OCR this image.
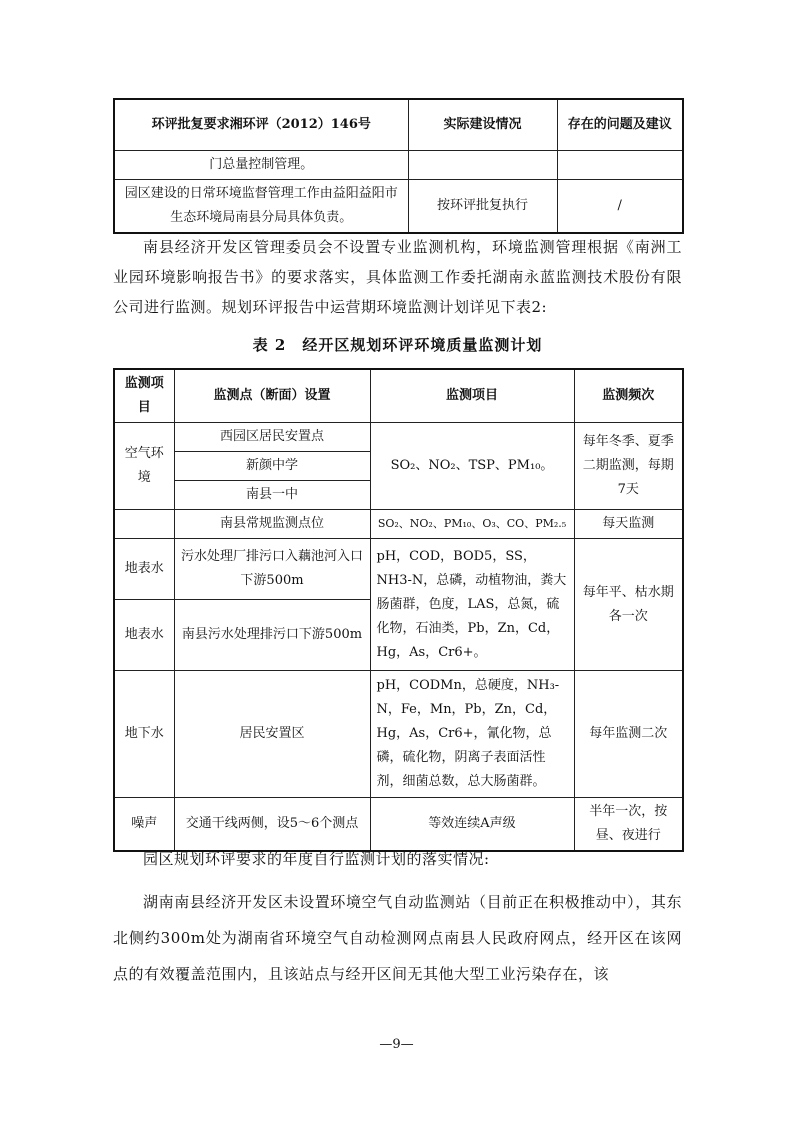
环评批复要求湘环评（2012）146号	实际建设情况	存在的问题及建议
门总量控制管理。		
园区建设的日常环境监督管理工作由益阳益阳市生态环境局南县分局具体负责。	按环评批复执行	/

南县经济开发区管理委员会不设置专业监测机构，环境监测管理根据《南洲工业园环境影响报告书》的要求落实，具体监测工作委托湖南永蓝监测技术股份有限公司进行监测。规划环评报告中运营期环境监测计划详见下表2:

表 2　经开区规划环评环境质量监测计划
监测项目	监测点（断面）设置	监测项目	监测频次
空气环境	西园区居民安置点	SO₂、NO₂、TSP、PM₁₀。	每年冬季、夏季二期监测，每期7天
	新颜中学		
	南县一中		
	南县常规监测点位	SO₂、NO₂、PM₁₀、O₃、CO、PM₂.₅	每天监测
地表水	污水处理厂排污口入藕池河入口下游500m	pH，COD，BOD5，SS，NH3-N，总磷，动植物油，粪大肠菌群，色度，LAS，总氮，硫化物，石油类，Pb，Zn，Cd，Hg，As，Cr6+。	每年平、枯水期各一次
地表水	南县污水处理排污口下游500m		
地下水	居民安置区	pH，CODMn，总硬度，NH₃-N，Fe，Mn，Pb，Zn，Cd，Hg，As，Cr6+，氰化物，总磷，硫化物，阴离子表面活性剂，细菌总数，总大肠菌群。	每年监测二次
噪声	交通干线两侧，设5～6个测点	等效连续A声级	半年一次，按昼、夜进行

园区规划环评要求的年度自行监测计划的落实情况:

湖南南县经济开发区未设置环境空气自动监测站（目前正在积极推动中），其东北侧约300m处为湖南省环境空气自动检测网点南县人民政府网点，经开区在该网点的有效覆盖范围内，且该站点与经开区间无其他大型工业污染存在，该

—9—
